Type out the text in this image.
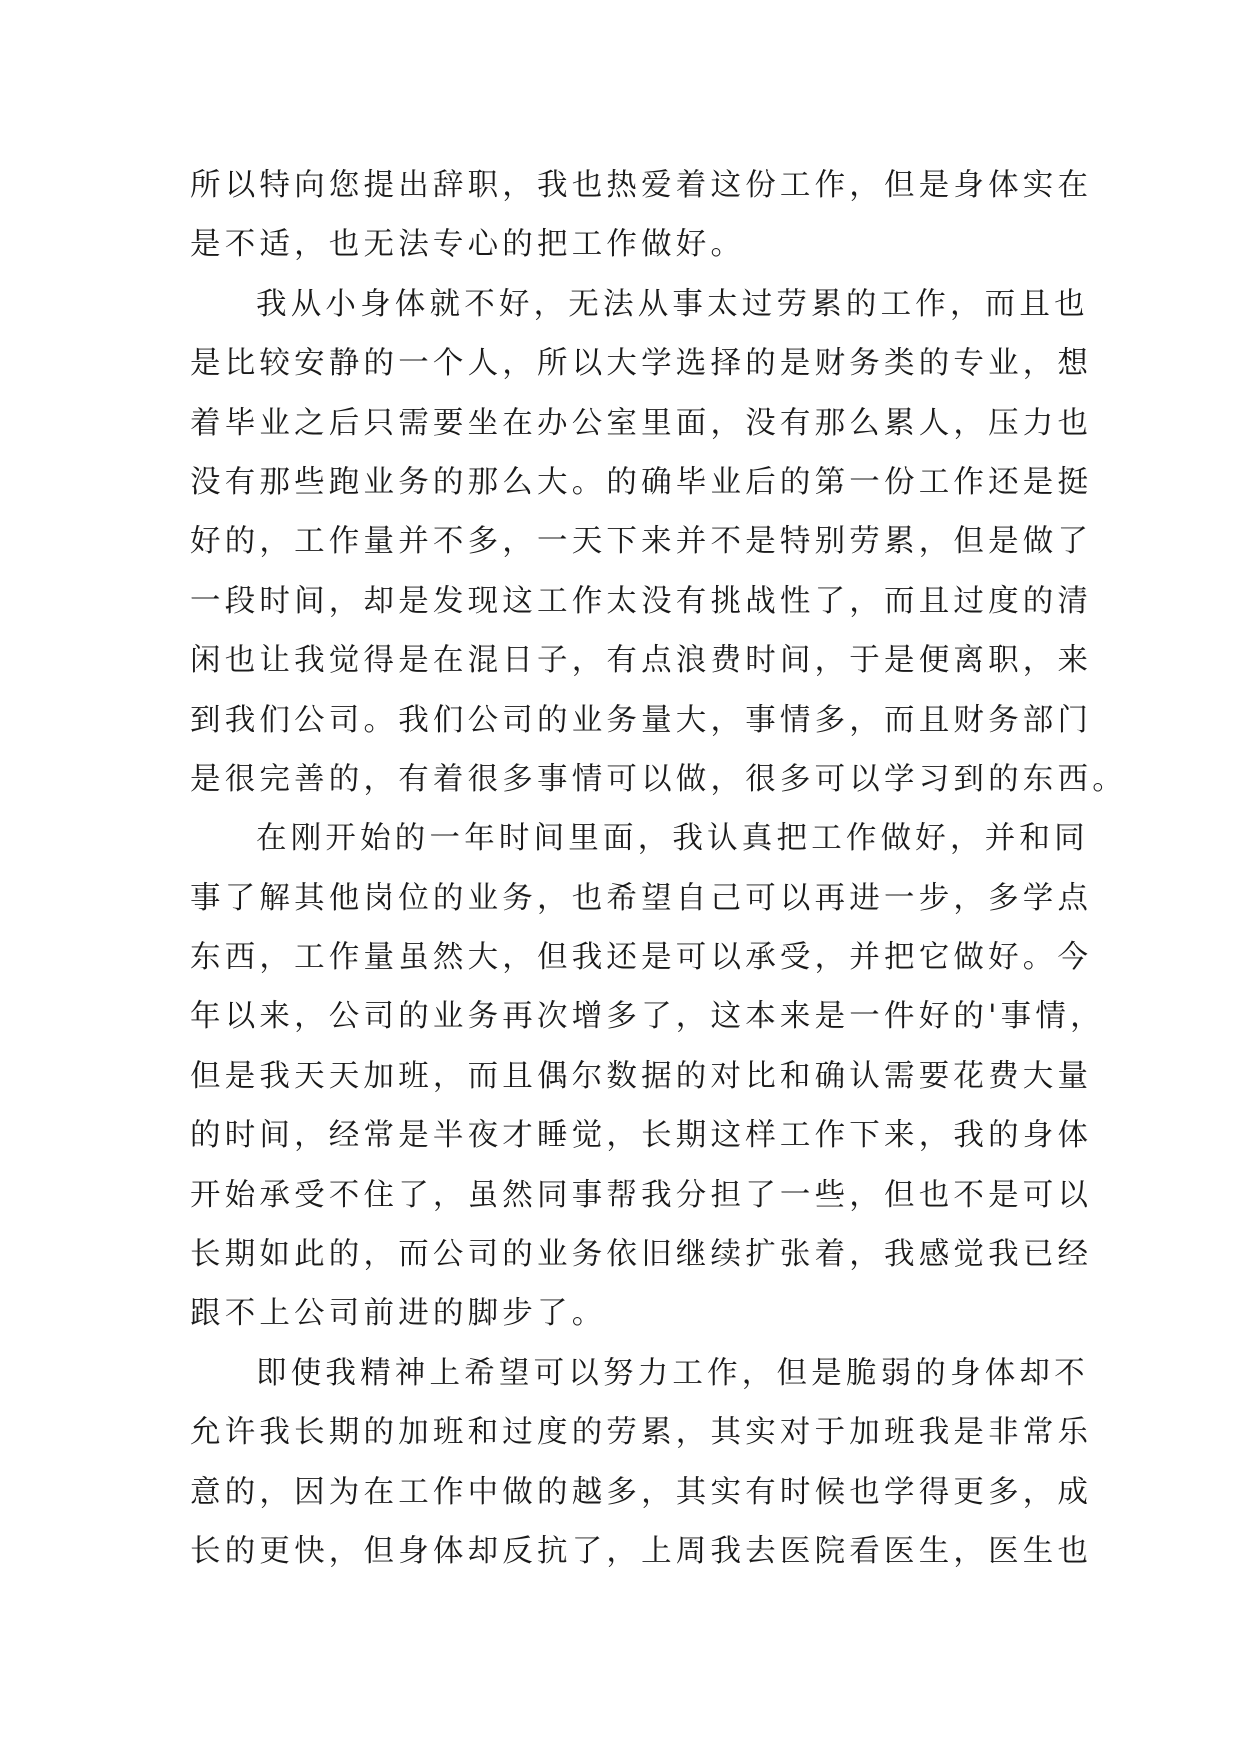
所以特向您提出辞职，我也热爱着这份工作，但是身体实在
是不适，也无法专心的把工作做好。
我从小身体就不好，无法从事太过劳累的工作，而且也
是比较安静的一个人，所以大学选择的是财务类的专业，想
着毕业之后只需要坐在办公室里面，没有那么累人，压力也
没有那些跑业务的那么大。的确毕业后的第一份工作还是挺
好的，工作量并不多，一天下来并不是特别劳累，但是做了
一段时间，却是发现这工作太没有挑战性了，而且过度的清
闲也让我觉得是在混日子，有点浪费时间，于是便离职，来
到我们公司。我们公司的业务量大，事情多，而且财务部门
是很完善的，有着很多事情可以做，很多可以学习到的东西。
在刚开始的一年时间里面，我认真把工作做好，并和同
事了解其他岗位的业务，也希望自己可以再进一步，多学点
东西，工作量虽然大，但我还是可以承受，并把它做好。今
年以来，公司的业务再次增多了，这本来是一件好的'事情，
但是我天天加班，而且偶尔数据的对比和确认需要花费大量
的时间，经常是半夜才睡觉，长期这样工作下来，我的身体
开始承受不住了，虽然同事帮我分担了一些，但也不是可以
长期如此的，而公司的业务依旧继续扩张着，我感觉我已经
跟不上公司前进的脚步了。
即使我精神上希望可以努力工作，但是脆弱的身体却不
允许我长期的加班和过度的劳累，其实对于加班我是非常乐
意的，因为在工作中做的越多，其实有时候也学得更多，成
长的更快，但身体却反抗了，上周我去医院看医生，医生也
